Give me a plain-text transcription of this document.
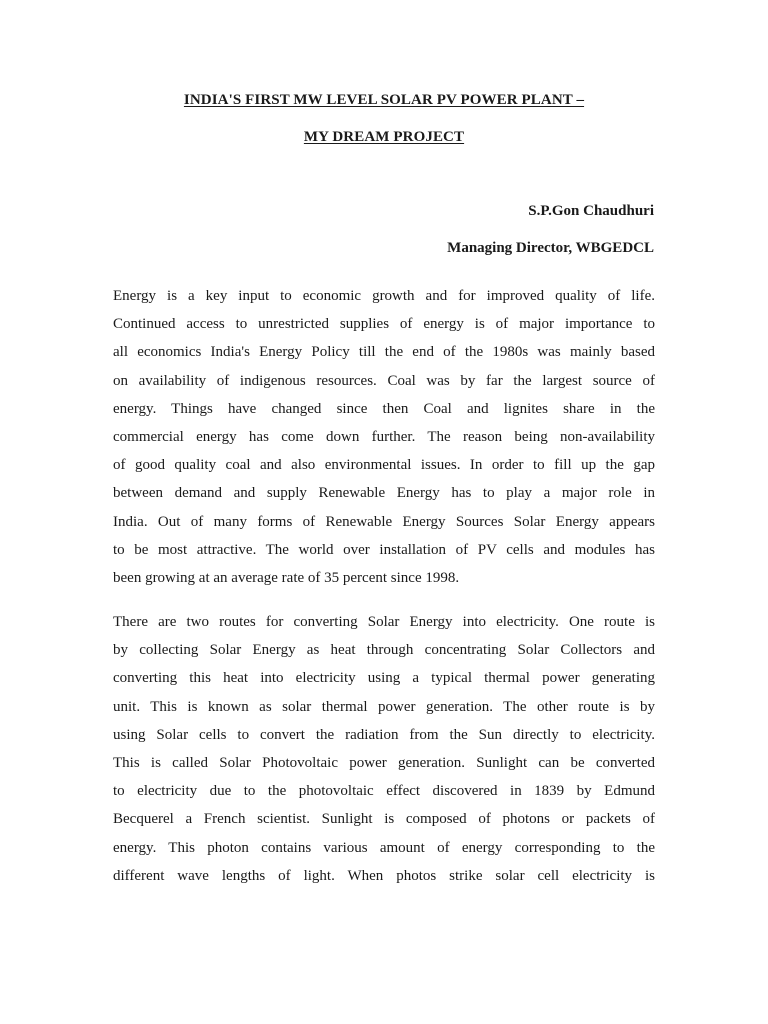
INDIA'S FIRST MW LEVEL SOLAR PV POWER PLANT –
MY DREAM PROJECT
S.P.Gon Chaudhuri
Managing Director, WBGEDCL
Energy is a key input to economic growth and for improved quality of life.
Continued access to unrestricted supplies of energy is of major importance to
all economics India's Energy Policy till the end of the 1980s was mainly based
on availability of indigenous resources. Coal was by far the largest source of
energy. Things have changed since then Coal and lignites share in the
commercial energy has come down further. The reason being non-availability
of good quality coal and also environmental issues. In order to fill up the gap
between demand and supply Renewable Energy has to play a major role in
India. Out of many forms of Renewable Energy Sources Solar Energy appears
to be most attractive. The world over installation of PV cells and modules has
been growing at an average rate of 35 percent since 1998.
There are two routes for converting Solar Energy into electricity. One route is
by collecting Solar Energy as heat through concentrating Solar Collectors and
converting this heat into electricity using a typical thermal power generating
unit. This is known as solar thermal power generation. The other route is by
using Solar cells to convert the radiation from the Sun directly to electricity.
This is called Solar Photovoltaic power generation. Sunlight can be converted
to electricity due to the photovoltaic effect discovered in 1839 by Edmund
Becquerel a French scientist. Sunlight is composed of photons or packets of
energy. This photon contains various amount of energy corresponding to the
different wave lengths of light. When photos strike solar cell electricity is
